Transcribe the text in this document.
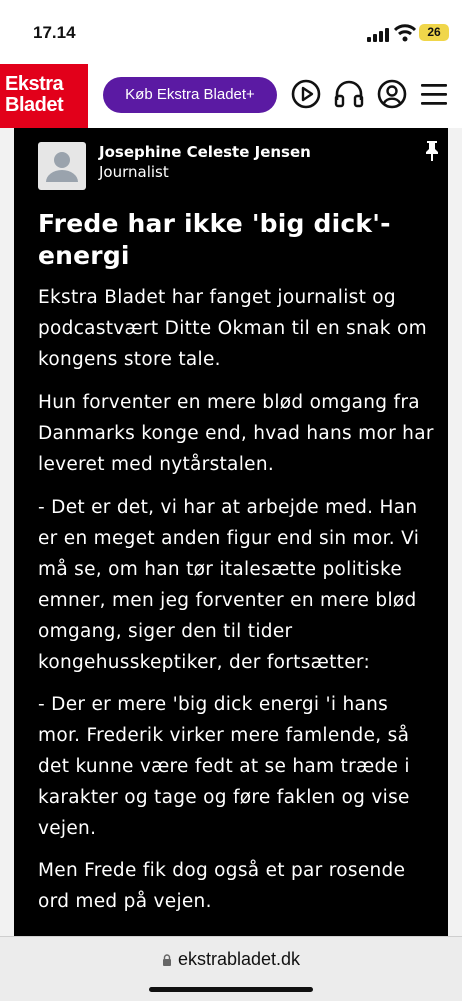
17.14	26
Ekstra
Bladet	Køb Ekstra Bladet+
Josephine Celeste Jensen
Journalist
Frede har ikke 'big dick'-energi
Ekstra Bladet har fanget journalist og podcastvært Ditte Okman til en snak om kongens store tale.
Hun forventer en mere blød omgang fra Danmarks konge end, hvad hans mor har leveret med nytårstalen.
- Det er det, vi har at arbejde med. Han er en meget anden figur end sin mor. Vi må se, om han tør italesætte politiske emner, men jeg forventer en mere blød omgang, siger den til tider kongehusskeptiker, der fortsætter:
- Der er mere 'big dick energi 'i hans mor. Frederik virker mere famlende, så det kunne være fedt at se ham træde i karakter og tage og føre faklen og vise vejen.
Men Frede fik dog også et par rosende ord med på vejen.
ekstrabladet.dk
